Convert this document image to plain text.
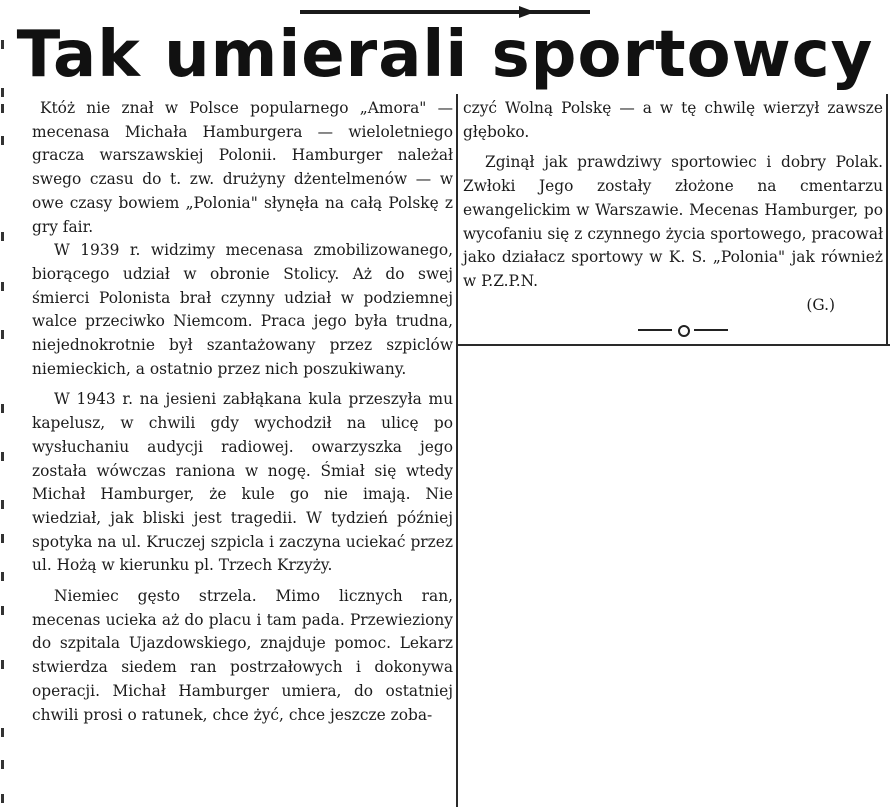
Tak umierali sportowcy

Któż nie znał w Polsce popularnego „Amora" — mecenasa Michała Hamburgera — wieloletniego gracza warszawskiej Polonii. Hamburger należał swego czasu do t. zw. drużyny dżentelmenów — w owe czasy bowiem „Polonia" słynęła na całą Polskę z gry fair.

W 1939 r. widzimy mecenasa zmobilizowanego, biorącego udział w obronie Stolicy. Aż do swej śmierci Polonista brał czynny udział w podziemnej walce przeciwko Niemcom. Praca jego była trudna, niejednokrotnie był szantażowany przez szpiclów niemieckich, a ostatnio przez nich poszukiwany.

W 1943 r. na jesieni zabłąkana kula przeszyła mu kapelusz, w chwili gdy wychodził na ulicę po wysłuchaniu audycji radiowej. owarzyszka jego została wówczas raniona w nogę. Śmiał się wtedy Michał Hamburger, że kule go nie imają. Nie wiedział, jak bliski jest tragedii. W tydzień później spotyka na ul. Kruczej szpicla i zaczyna uciekać przez ul. Hożą w kierunku pl. Trzech Krzyży.

Niemiec gęsto strzela. Mimo licznych ran, mecenas ucieka aż do placu i tam pada. Przewieziony do szpitala Ujazdowskiego, znajduje pomoc. Lekarz stwierdza siedem ran postrzałowych i dokonywa operacji. Michał Hamburger umiera, do ostatniej chwili prosi o ratunek, chce żyć, chce jeszcze zoba-

czyć Wolną Polskę — a w tę chwilę wierzył zawsze głęboko.

Zginął jak prawdziwy sportowiec i dobry Polak. Zwłoki Jego zostały złożone na cmentarzu ewangelickim w Warszawie. Mecenas Hamburger, po wycofaniu się z czynnego życia sportowego, pracował jako działacz sportowy w K. S. „Polonia" jak również w P.Z.P.N.

(G.)
